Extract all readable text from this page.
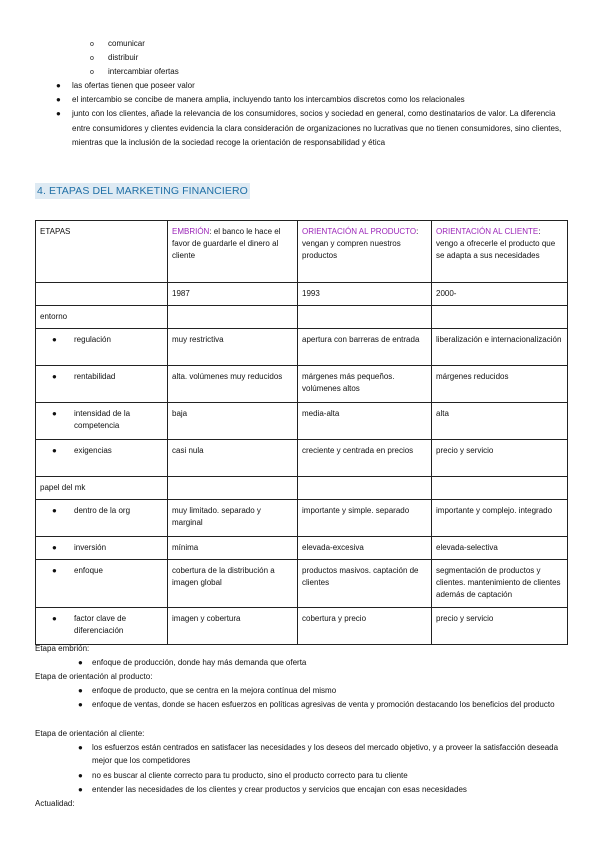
o comunicar
o distribuir
o intercambiar ofertas
● las ofertas tienen que poseer valor
● el intercambio se concibe de manera amplia, incluyendo tanto los intercambios discretos como los relacionales
● junto con los clientes, añade la relevancia de los consumidores, socios y sociedad en general, como destinatarios de valor. La diferencia entre consumidores y clientes evidencia la clara consideración de organizaciones no lucrativas que no tienen consumidores, sino clientes, mientras que la inclusión de la sociedad recoge la orientación de responsabilidad y ética
4. ETAPAS DEL MARKETING FINANCIERO
ETAPAS	EMBRIÓN: el banco le hace el favor de guardarle el dinero al cliente	ORIENTACIÓN AL PRODUCTO: vengan y compren nuestros productos	ORIENTACIÓN AL CLIENTE: vengo a ofrecerle el producto que se adapta a sus necesidades
	1987	1993	2000-
entorno			
● regulación	muy restrictiva	apertura con barreras de entrada	liberalización e internacionalización
● rentabilidad	alta. volúmenes muy reducidos	márgenes más pequeños. volúmenes altos	márgenes reducidos
● intensidad de la competencia	baja	media-alta	alta
● exigencias	casi nula	creciente y centrada en precios	precio y servicio
papel del mk			
● dentro de la org	muy limitado. separado y marginal	importante y simple. separado	importante y complejo. integrado
● inversión	mínima	elevada-excesiva	elevada-selectiva
● enfoque	cobertura de la distribución a imagen global	productos masivos. captación de clientes	segmentación de productos y clientes. mantenimiento de clientes además de captación
● factor clave de diferenciación	imagen y cobertura	cobertura y precio	precio y servicio
Etapa embrión:
● enfoque de producción, donde hay más demanda que oferta
Etapa de orientación al producto:
● enfoque de producto, que se centra en la mejora contínua del mismo
● enfoque de ventas, donde se hacen esfuerzos en políticas agresivas de venta y promoción destacando los beneficios del producto
Etapa de orientación al cliente:
● los esfuerzos están centrados en satisfacer las necesidades y los deseos del mercado objetivo, y a proveer la satisfacción deseada mejor que los competidores
● no es buscar al cliente correcto para tu producto, sino el producto correcto para tu cliente
● entender las necesidades de los clientes y crear productos y servicios que encajan con esas necesidades
Actualidad:
